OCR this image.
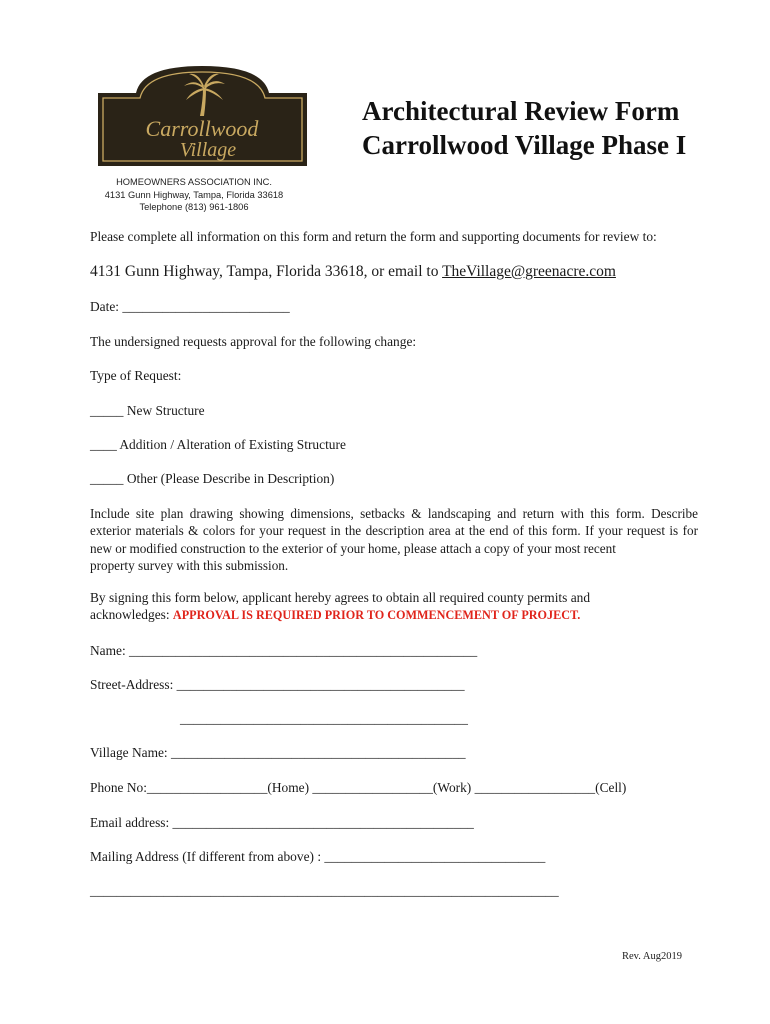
Carrollwood
Village
HOMEOWNERS ASSOCIATION INC.
4131 Gunn Highway, Tampa, Florida 33618
Telephone (813) 961-1806
Architectural Review Form
Carrollwood Village Phase I
Please complete all information on this form and return the form and supporting documents for review to:
4131 Gunn Highway, Tampa, Florida 33618, or email to TheVillage@greenacre.com
Date: _________________________
The undersigned requests approval for the following change:
Type of Request:
_____ New Structure
____ Addition / Alteration of Existing Structure
_____ Other (Please Describe in Description)
Include site plan drawing showing dimensions, setbacks & landscaping and return with this form. Describe exterior materials & colors for your request in the description area at the end of this form. If your request is for new or modified construction to the exterior of your home, please attach a copy of your most recent
property survey with this submission.
By signing this form below, applicant hereby agrees to obtain all required county permits and
acknowledges: APPROVAL IS REQUIRED PRIOR TO COMMENCEMENT OF PROJECT.
Name: ____________________________________________________
Street-Address: ___________________________________________
___________________________________________
Village Name: ____________________________________________
Phone No:__________________(Home) __________________(Work) __________________(Cell)
Email address: _____________________________________________
Mailing Address (If different from above) : _________________________________
______________________________________________________________________
Rev. Aug2019
